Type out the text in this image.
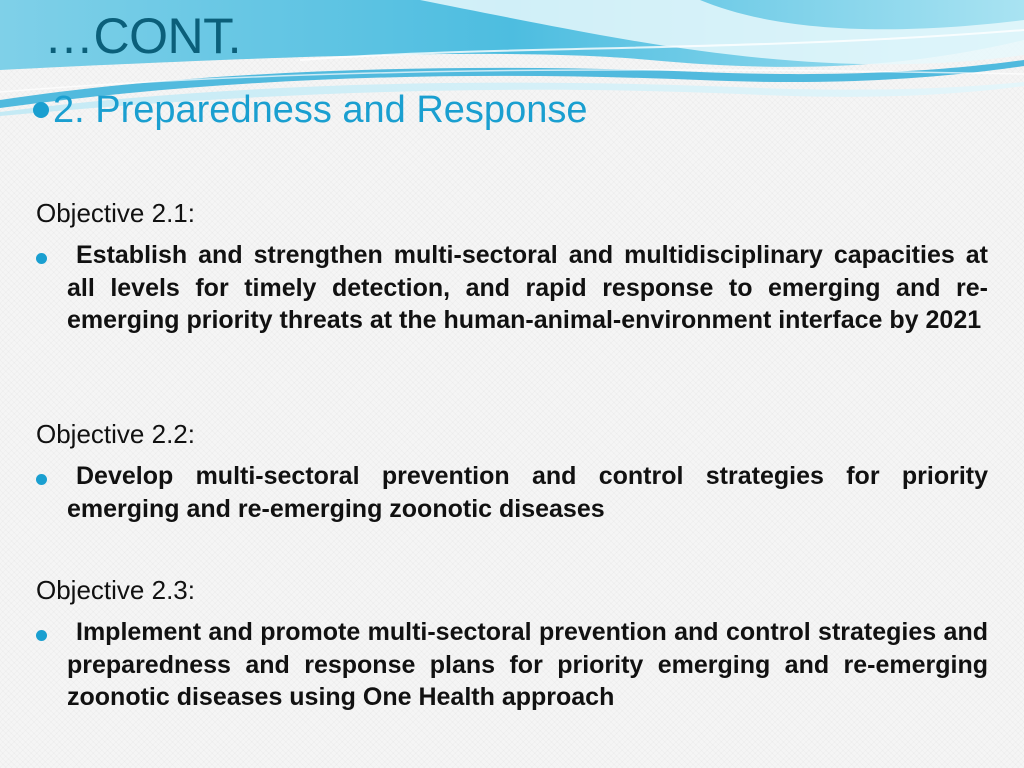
…CONT.
2. Preparedness and Response

Objective 2.1:

Establish and strengthen multi-sectoral and multidisciplinary capacities at all levels for timely detection, and rapid response to emerging and re-emerging priority threats at the human-animal-environment interface by 2021

Objective 2.2:

Develop multi-sectoral prevention and control strategies for priority emerging and re-emerging zoonotic diseases

Objective 2.3:

Implement and promote multi-sectoral prevention and control strategies and preparedness and response plans for priority emerging and re-emerging zoonotic diseases using One Health approach
